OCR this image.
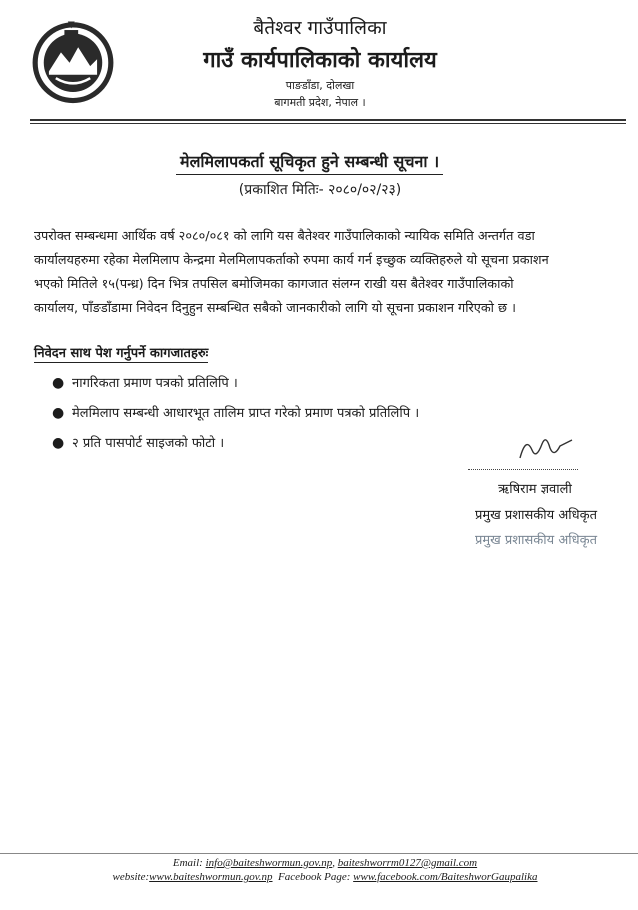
बैतेश्वर गाउँपालिका
गाउँ कार्यपालिकाको कार्यालय
पाङडाँडा, दोलखा
बागमती प्रदेश, नेपाल ।
मेलमिलापकर्ता सूचिकृत हुने सम्बन्धी सूचना ।
(प्रकाशित मितिः- २०८०/०२/२३)
उपरोक्त सम्बन्धमा आर्थिक वर्ष २०८०/०८१ को लागि यस बैतेश्वर गाउँपालिकाको न्यायिक समिति अन्तर्गत वडा
कार्यालयहरुमा रहेका मेलमिलाप केन्द्रमा मेलमिलापकर्ताको रुपमा कार्य गर्न इच्छुक व्यक्तिहरुले यो सूचना प्रकाशन
भएको मितिले १५(पन्ध्र) दिन भित्र तपसिल बमोजिमका कागजात संलग्न राखी यस बैतेश्वर गाउँपालिकाको
कार्यालय, पाँङडाँडामा निवेदन दिनुहुन सम्बन्धित सबैको जानकारीको लागि यो सूचना प्रकाशन गरिएको छ ।
निवेदन साथ पेश गर्नुपर्ने कागजातहरुः
● नागरिकता प्रमाण पत्रको प्रतिलिपि ।
● मेलमिलाप सम्बन्धी आधारभूत तालिम प्राप्त गरेको प्रमाण पत्रको प्रतिलिपि ।
● २ प्रति पासपोर्ट साइजको फोटो ।
ऋषिराम ज्ञवाली
प्रमुख प्रशासकीय अधिकृत
प्रमुख प्रशासकीय अधिकृत
Email: info@baiteshwormun.gov.np, baiteshworrm0127@gmail.com
website:www.baiteshwormun.gov.np Facebook Page: www.facebook.com/BaiteshworGaupalika
